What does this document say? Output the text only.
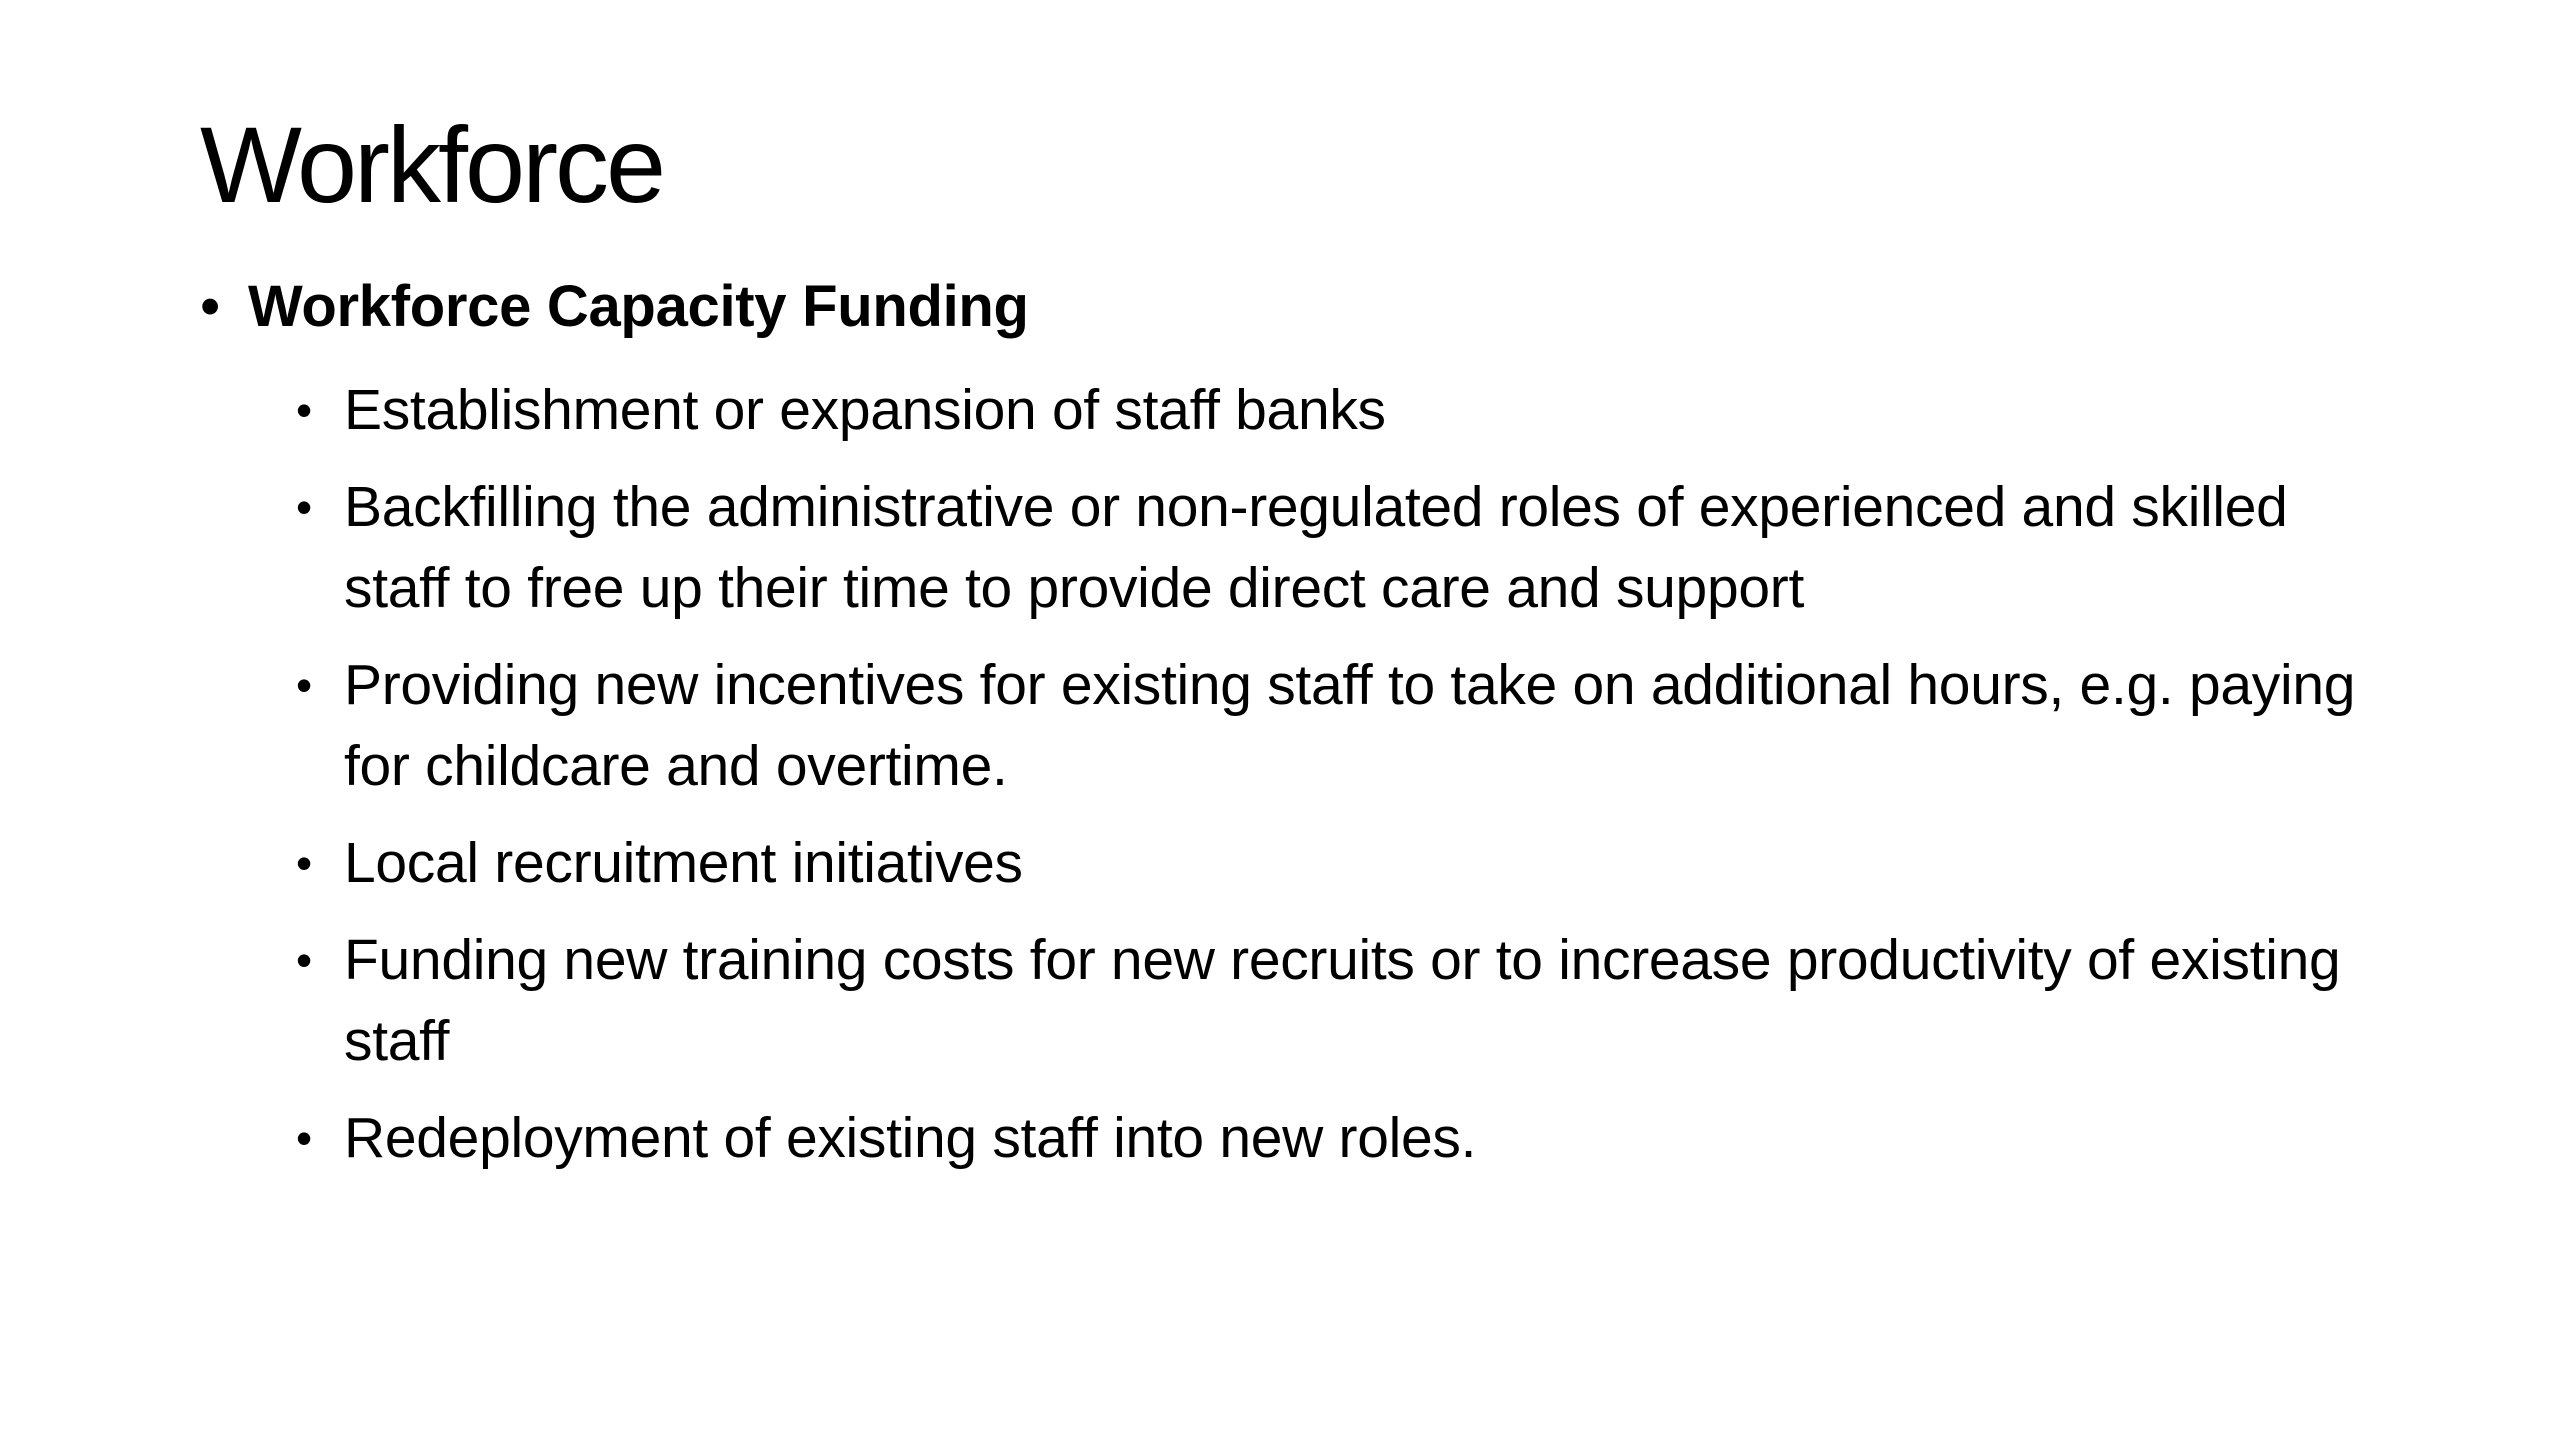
Workforce
• Workforce Capacity Funding
• Establishment or expansion of staff banks
• Backfilling the administrative or non-regulated roles of experienced and skilled staff to free up their time to provide direct care and support
• Providing new incentives for existing staff to take on additional hours, e.g. paying for childcare and overtime.
• Local recruitment initiatives
• Funding new training costs for new recruits or to increase productivity of existing staff
• Redeployment of existing staff into new roles.
